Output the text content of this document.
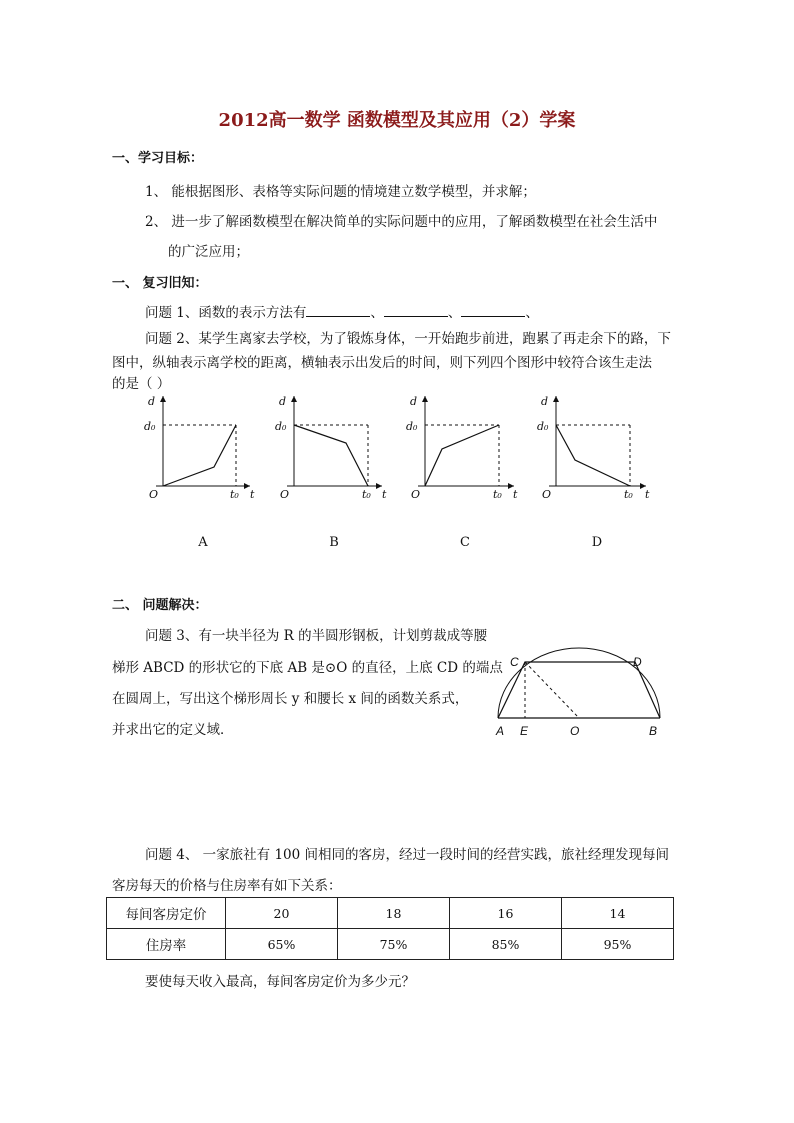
2012高一数学 函数模型及其应用（2）学案
一、学习目标：
1、 能根据图形、表格等实际问题的情境建立数学模型，并求解；
2、 进一步了解函数模型在解决简单的实际问题中的应用，了解函数模型在社会生活中
的广泛应用；
一、 复习旧知：
问题 1、函数的表示方法有	、	、	、
问题 2、某学生离家去学校，为了锻炼身体，一开始跑步前进，跑累了再走余下的路，下
图中，纵轴表示离学校的距离，横轴表示出发后的时间，则下列四个图形中较符合该生走法
的是（ ）
d
d₀
O	t₀ t
d
d₀
O	t₀ t
d
d₀
O	t₀ t
d
d₀
O	t₀ t
A	B	C	D
二、 问题解决：
问题 3、有一块半径为 R 的半圆形钢板，计划剪裁成等腰
梯形 ABCD 的形状它的下底 AB 是⊙O 的直径，上底 CD 的端点
在圆周上，写出这个梯形周长 y 和腰长 x 间的函数关系式，
并求出它的定义域．	A E	O	B
C	D
问题 4、 一家旅社有 100 间相同的客房，经过一段时间的经营实践，旅社经理发现每间
客房每天的价格与住房率有如下关系：
每间客房定价	20	18	16	14
住房率	65%	75%	85%	95%
要使每天收入最高，每间客房定价为多少元？
